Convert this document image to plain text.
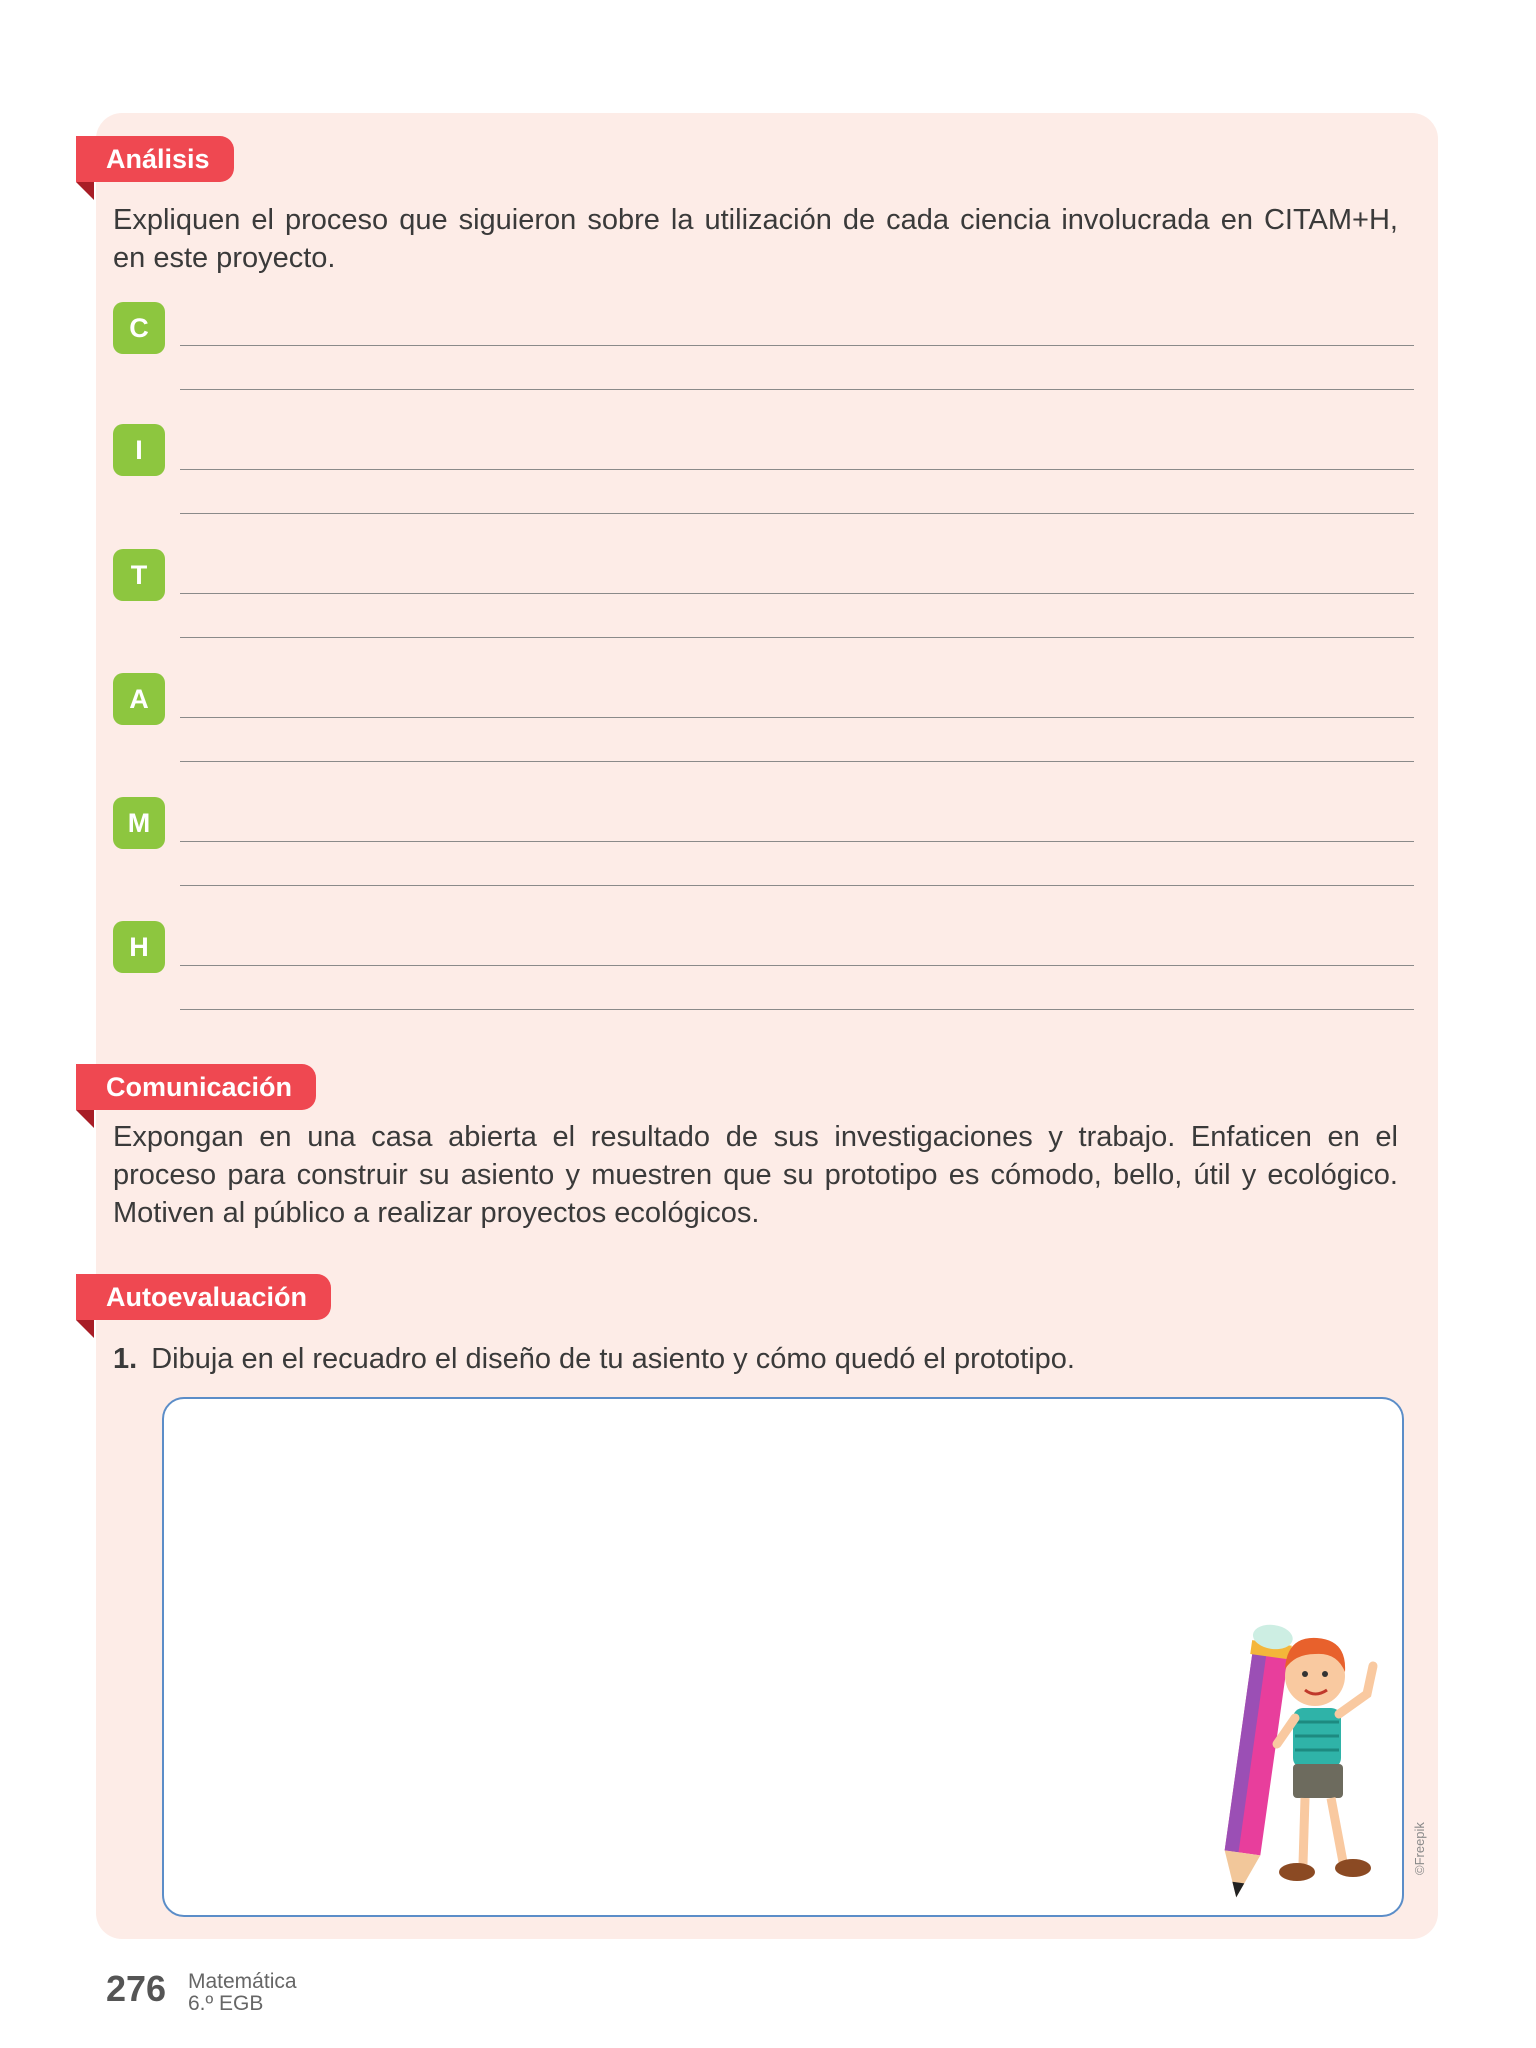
Análisis

Expliquen el proceso que siguieron sobre la utilización de cada ciencia involucrada en CITAM+H, en este proyecto.

C
I
T
A
M
H
Comunicación

Expongan en una casa abierta el resultado de sus investigaciones y trabajo. Enfaticen en el proceso para construir su asiento y muestren que su prototipo es cómodo, bello, útil y ecológico. Motiven al público a realizar proyectos ecológicos.

Autoevaluación
1. Dibuja en el recuadro el diseño de tu asiento y cómo quedó el prototipo.
©Freepik
276 Matemática
6.º EGB
